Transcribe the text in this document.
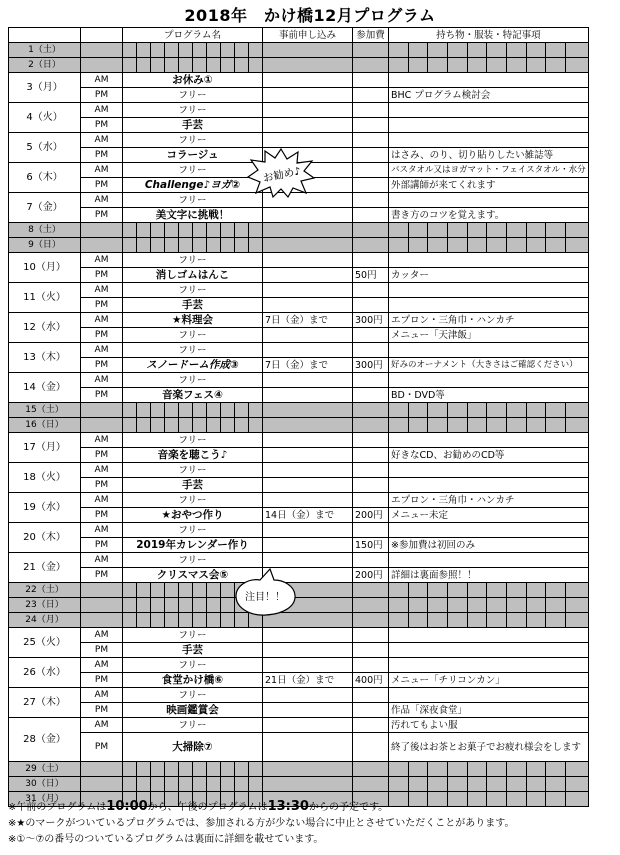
2018年　かけ橋12月プログラム
		プログラム名										事前申し込み	参加費	持ち物・服装・特記事項									
1（土）																							
2（日）																							
3（月）	AM	お休み①																					
	PM	フリー												BHC プログラム検討会									
4（火）	AM	フリー																					
	PM	手芸																					
5（水）	AM	フリー																					
	PM	コラージュ												はさみ、のり、切り貼りしたい雑誌等									
6（木）	AM	フリー												バスタオル又はヨガマット・フェイスタオル・水分									
	PM	Challenge♪ヨガ②												外部講師が来てくれます									
7（金）	AM	フリー																					
	PM	美文字に挑戦！												書き方のコツを覚えます。									
8（土）																							
9（日）																							
10（月）	AM	フリー																					
	PM	消しゴムはんこ											50円	カッター									
11（火）	AM	フリー																					
	PM	手芸																					
12（水）	AM	★料理会										7日（金）まで	300円	エプロン・三角巾・ハンカチ									
	PM	フリー												メニュー「天津飯」									
13（木）	AM	フリー																					
	PM	スノードーム作成③										7日（金）まで	300円	好みのオーナメント（大きさはご確認ください）									
14（金）	AM	フリー																					
	PM	音楽フェス④												BD・DVD等									
15（土）																							
16（日）																							
17（月）	AM	フリー																					
	PM	音楽を聴こう♪												好きなCD、お勧めのCD等									
18（火）	AM	フリー																					
	PM	手芸																					
19（水）	AM	フリー												エプロン・三角巾・ハンカチ									
	PM	★おやつ作り										14日（金）まで	200円	メニュー未定									
20（木）	AM	フリー																					
	PM	2019年カレンダー作り											150円	※参加費は初回のみ									
21（金）	AM	フリー																					
	PM	クリスマス会⑤											200円	詳細は裏面参照！！									
22（土）																							
23（日）																							
24（月）																							
25（火）	AM	フリー																					
	PM	手芸																					
26（水）	AM	フリー																					
	PM	食堂かけ橋⑥										21日（金）まで	400円	メニュー「チリコンカン」									
27（木）	AM	フリー																					
	PM	映画鑑賞会												作品「深夜食堂」									
28（金）	AM	フリー												汚れてもよい服									
	PM	大掃除⑦												終了後はお茶とお菓子でお疲れ様会をします									
29（土）																							
30（日）																							
31（月）																							
お勧め♪
注目！！
※午前のプログラムは10:00から、午後のプログラムは13:30からの予定です。
※★のマークがついているプログラムでは、参加される方が少ない場合に中止とさせていただくことがあります。
※①～⑦の番号のついているプログラムは裏面に詳細を載せています。
